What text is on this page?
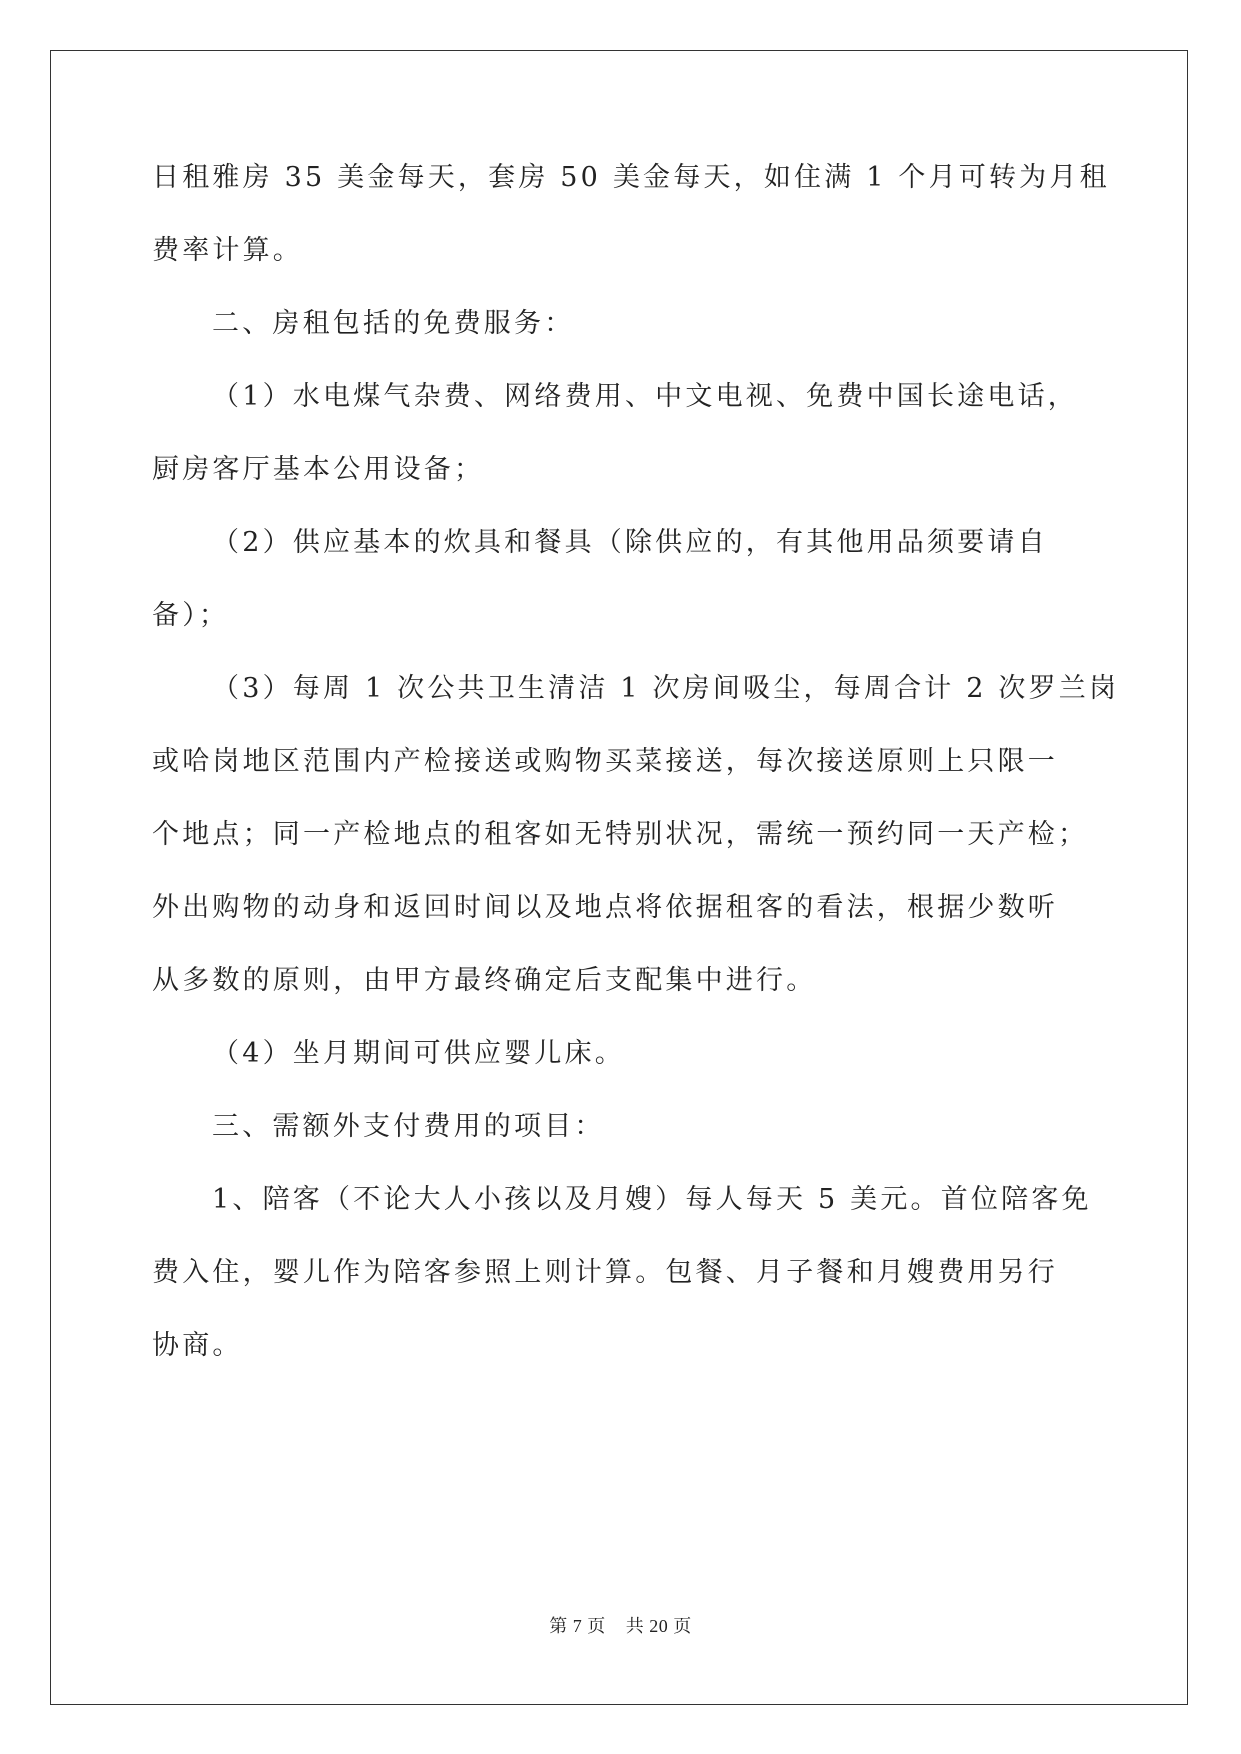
日租雅房 35 美金每天，套房 50 美金每天，如住满 1 个月可转为月租
费率计算。
二、房租包括的免费服务：
（1）水电煤气杂费、网络费用、中文电视、免费中国长途电话，
厨房客厅基本公用设备；
（2）供应基本的炊具和餐具（除供应的，有其他用品须要请自
备）；
（3）每周 1 次公共卫生清洁 1 次房间吸尘，每周合计 2 次罗兰岗
或哈岗地区范围内产检接送或购物买菜接送，每次接送原则上只限一
个地点；同一产检地点的租客如无特别状况，需统一预约同一天产检；
外出购物的动身和返回时间以及地点将依据租客的看法，根据少数听
从多数的原则，由甲方最终确定后支配集中进行。
（4）坐月期间可供应婴儿床。
三、需额外支付费用的项目：
1、陪客（不论大人小孩以及月嫂）每人每天 5 美元。首位陪客免
费入住，婴儿作为陪客参照上则计算。包餐、月子餐和月嫂费用另行
协商。
第 7 页 共 20 页
